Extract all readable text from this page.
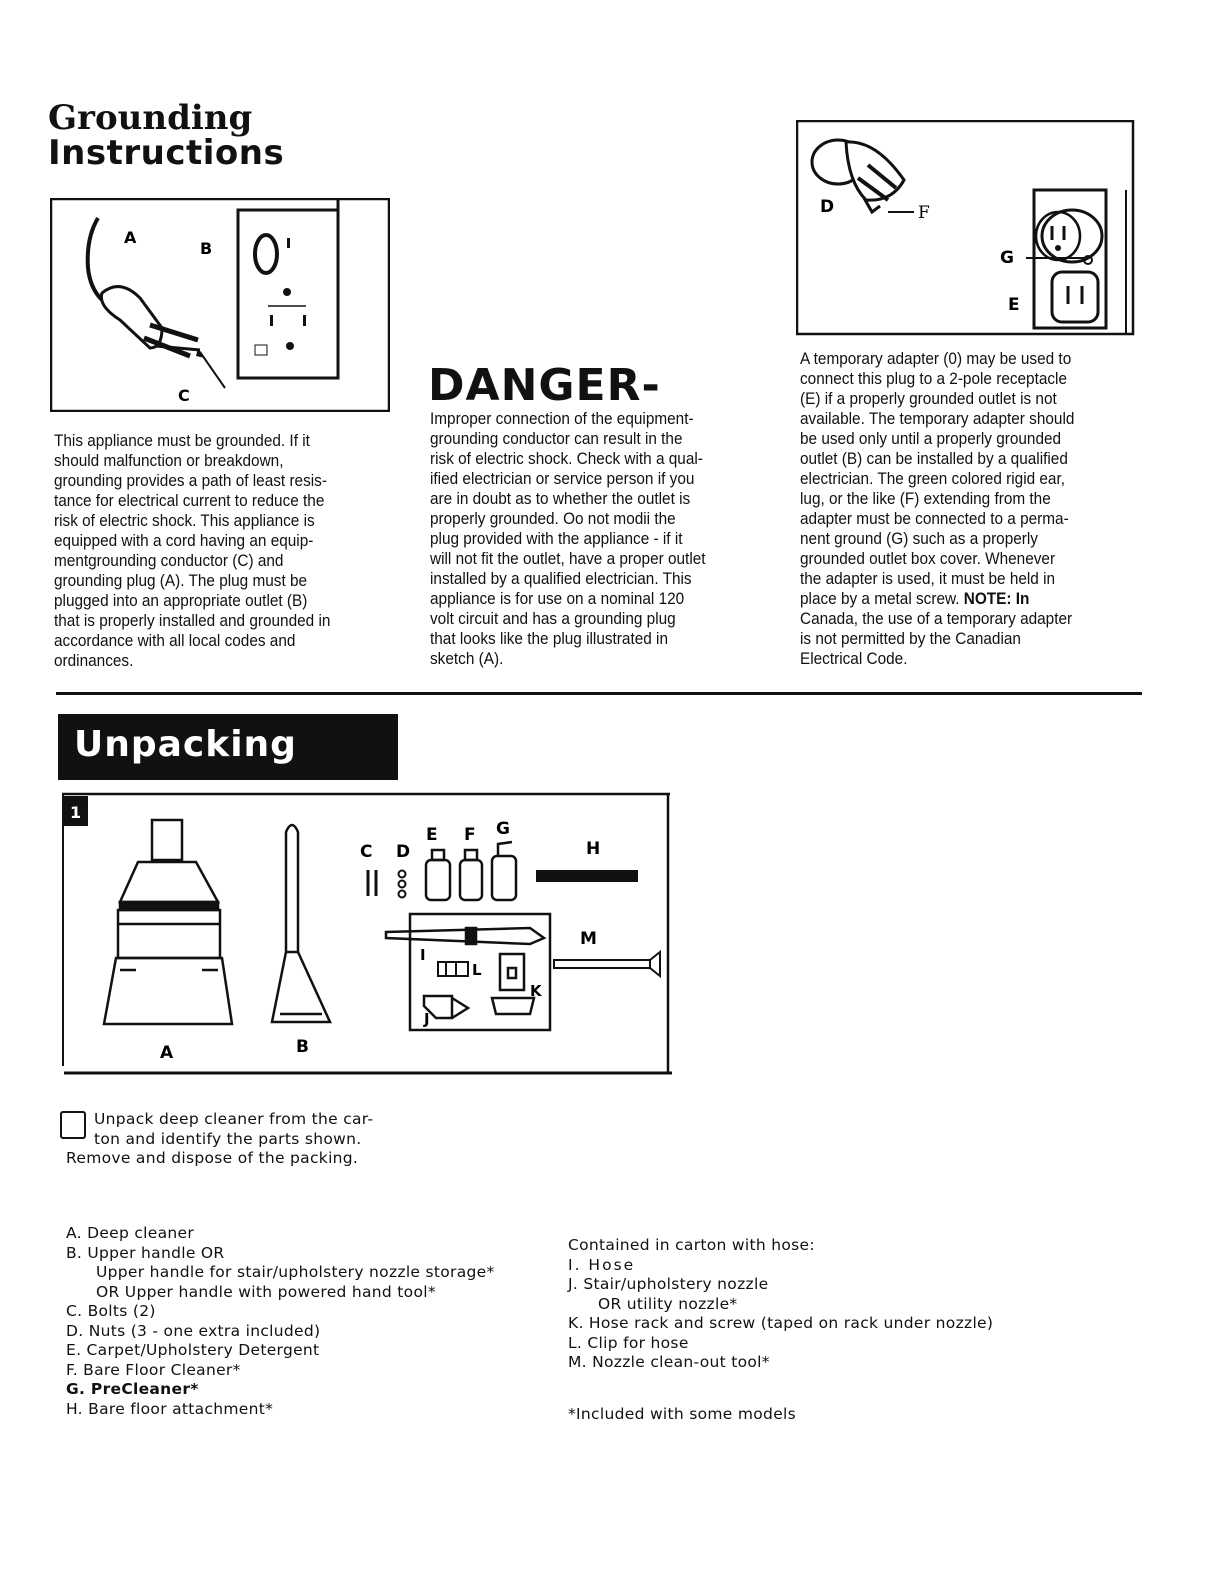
Grounding
Instructions
A
B
C

This appliance must be grounded. If it

should malfunction or breakdown,

grounding provides a path of least resis-

tance for electrical current to reduce the

risk of electric shock. This appliance is

equipped with a cord having an equip-

mentgrounding conductor (C) and

grounding plug (A). The plug must be

plugged into an appropriate outlet (B)

that is properly installed and grounded in

accordance with all local codes and

ordinances.

DANGER-

Improper connection of the equipment-

grounding conductor can result in the

risk of electric shock. Check with a qual-

ified electrician or service person if you

are in doubt as to whether the outlet is

properly grounded. Oo not modii the

plug provided with the appliance - if it

will not fit the outlet, have a proper outlet

installed by a qualified electrician. This

appliance is for use on a nominal 120

volt circuit and has a grounding plug

that looks like the plug illustrated in

sketch (A).

D	F
G
E

A temporary adapter (0) may be used to

connect this plug to a 2-pole receptacle

(E) if a properly grounded outlet is not

available. The temporary adapter should

be used only until a properly grounded

outlet (B) can be installed by a qualified

electrician. The green colored rigid ear,

lug, or the like (F) extending from the

adapter must be connected to a perma-

nent ground (G) such as a properly

grounded outlet box cover. Whenever

the adapter is used, it must be held in

place by a metal screw. NOTE: In

Canada, the use of a temporary adapter

is not permitted by the Canadian

Electrical Code.

Unpacking
1
A	B
C D
E F G
H
I
L
J
K
M
Unpack deep cleaner from the car-
ton and identify the parts shown.
Remove and dispose of the packing.
A. Deep cleaner
B. Upper handle OR
Upper handle for stair/upholstery nozzle storage*
OR Upper handle with powered hand tool*
C. Bolts (2)
D. Nuts (3 - one extra included)
E. Carpet/Upholstery Detergent
F. Bare Floor Cleaner*
G. PreCleaner*
H. Bare floor attachment*
Contained in carton with hose:
I. Hose
J. Stair/upholstery nozzle
OR utility nozzle*
K. Hose rack and screw (taped on rack under nozzle)
L. Clip for hose
M. Nozzle clean-out tool*
*Included with some models
